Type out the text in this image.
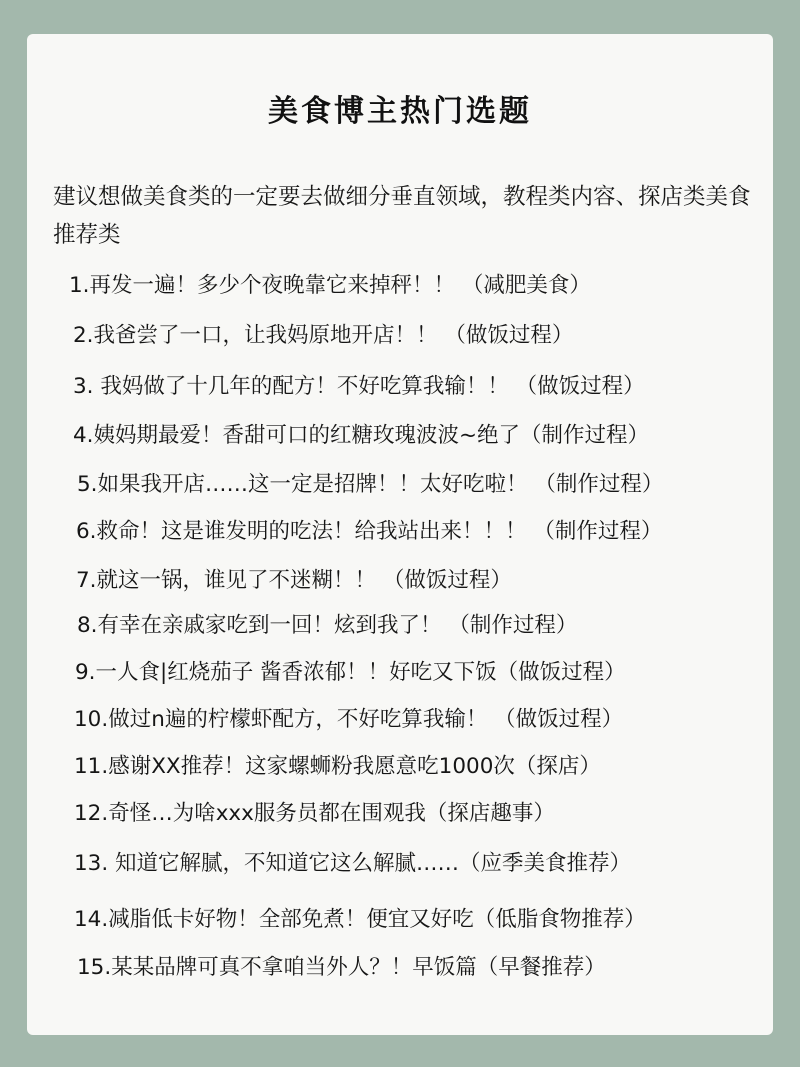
美食博主热门选题

建议想做美食类的一定要去做细分垂直领域，教程类内容、探店类美食推荐类

1.再发一遍！多少个夜晚靠它来掉秤！！ （减肥美食）

2.我爸尝了一口，让我妈原地开店！！ （做饭过程）

3. 我妈做了十几年的配方！不好吃算我输！！ （做饭过程）

4.姨妈期最爱！香甜可口的红糖玫瑰波波~绝了（制作过程）

5.如果我开店……这一定是招牌！！太好吃啦！ （制作过程）

6.救命！这是谁发明的吃法！给我站出来！！！ （制作过程）

7.就这一锅，谁见了不迷糊！！ （做饭过程）

8.有幸在亲戚家吃到一回！炫到我了！ （制作过程）

9.一人食|红烧茄子 酱香浓郁！！好吃又下饭（做饭过程）

10.做过n遍的柠檬虾配方，不好吃算我输！ （做饭过程）

11.感谢XX推荐！这家螺蛳粉我愿意吃1000次（探店）

12.奇怪…为啥xxx服务员都在围观我（探店趣事）

13. 知道它解腻，不知道它这么解腻……（应季美食推荐）

14.减脂低卡好物！全部免煮！便宜又好吃（低脂食物推荐）

15.某某品牌可真不拿咱当外人？！早饭篇（早餐推荐）
